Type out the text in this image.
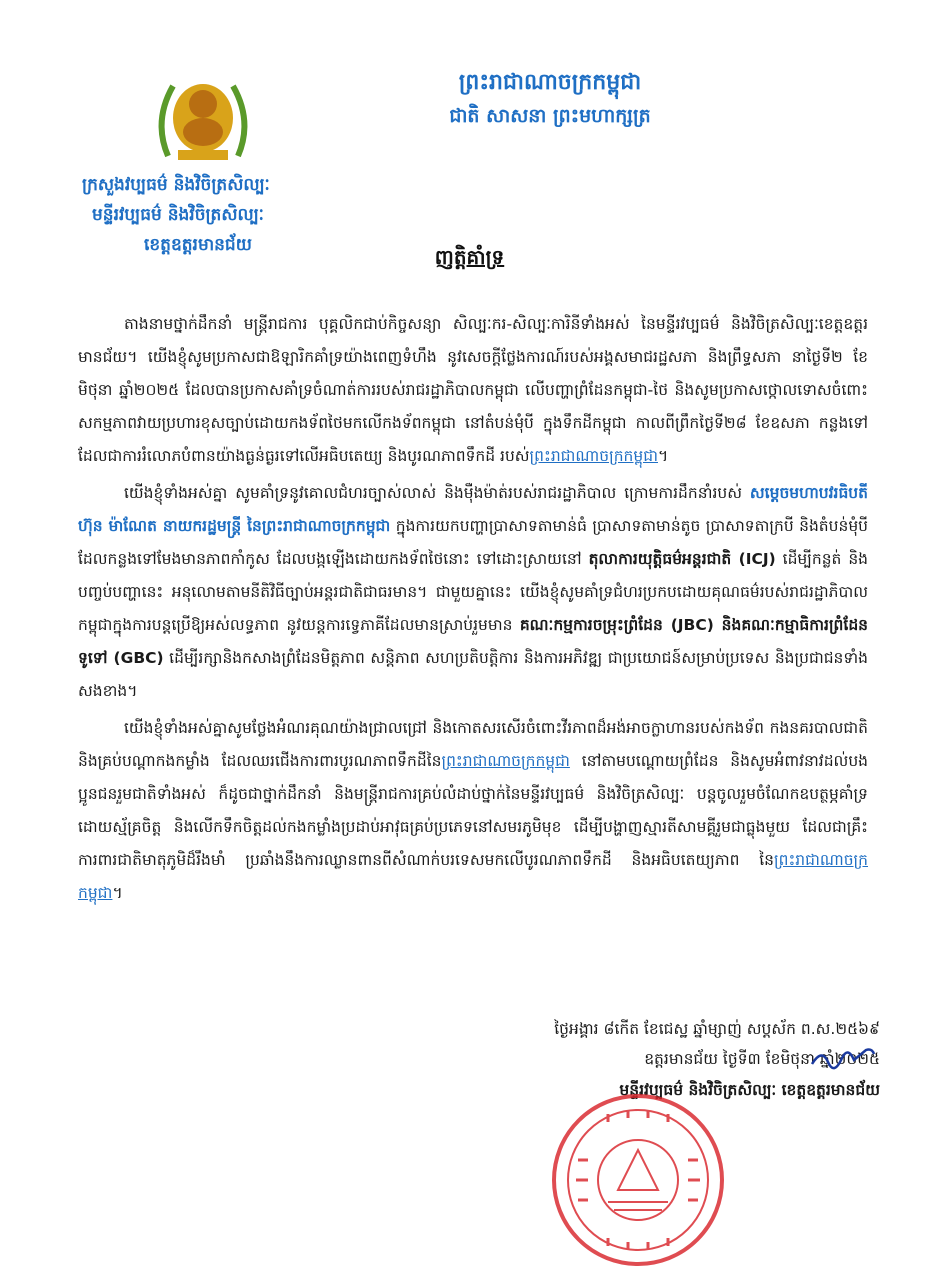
ព្រះរាជាណាចក្រកម្ពុជា
ជាតិ សាសនា ព្រះមហាក្សត្រ
ក្រសួងវប្បធម៌ និងវិចិត្រសិល្បៈ
មន្ទីរវប្បធម៌ និងវិចិត្រសិល្បៈ
ខេត្តឧត្តរមានជ័យ	ញត្តិគាំទ្រ

តាងនាមថ្នាក់ដឹកនាំ មន្ត្រីរាជការ បុគ្គលិកជាប់កិច្ចសន្យា សិល្បៈករ-សិល្បៈការិនីទាំងអស់ នៃមន្ទីរវប្បធម៌ និងវិចិត្រសិល្បៈខេត្តឧត្តរមានជ័យ។ យើងខ្ញុំសូមប្រកាសជាឱឡារិកគាំទ្រយ៉ាងពេញទំហឹង នូវសេចក្តីថ្លែងការណ៍របស់អង្គសមាជរដ្ឋសភា និងព្រឹទ្ធសភា នាថ្ងៃទី២ ខែមិថុនា ឆ្នាំ២០២៥ ដែលបានប្រកាសគាំទ្រចំណាត់ការរបស់រាជរដ្ឋាភិបាលកម្ពុជា លើបញ្ហាព្រំដែនកម្ពុជា-ថៃ និងសូមប្រកាសថ្កោលទោសចំពោះសកម្មភាពវាយប្រហារខុសច្បាប់ដោយកងទ័ពថៃមកលើកងទ័ពកម្ពុជា នៅតំបន់មុំបី ក្នុងទឹកដីកម្ពុជា កាលពីព្រឹកថ្ងៃទី២៨ ខែឧសភា កន្លងទៅ ដែលជាការរំលោភបំពានយ៉ាងធ្ងន់ធ្ងរទៅលើអធិបតេយ្យ និងបូរណភាពទឹកដី របស់ព្រះរាជាណាចក្រកម្ពុជា។

យើងខ្ញុំទាំងអស់គ្នា សូមគាំទ្រនូវគោលជំហរច្បាស់លាស់ និងម៉ឺងម៉ាត់របស់រាជរដ្ឋាភិបាល ក្រោមការដឹកនាំរបស់ សម្តេចមហាបវរធិបតី ហ៊ុន ម៉ាណែត នាយករដ្ឋមន្ត្រី នៃព្រះរាជាណាចក្រកម្ពុជា ក្នុងការយកបញ្ហាប្រាសាទតាមាន់ធំ ប្រាសាទតាមាន់តូច ប្រាសាទតាក្របី និងតំបន់មុំបី ដែលកន្លងទៅមែងមានភាពកាំកូស ដែលបង្កឡើងដោយកងទ័ពថៃនោះ ទៅដោះស្រាយនៅ តុលាការយុត្តិធម៌អន្តរជាតិ (ICJ) ដើម្បីកន្លត់ និងបញ្ចប់បញ្ហានេះ អនុលោមតាមនីតិវិធីច្បាប់អន្តរជាតិជាធរមាន។ ជាមួយគ្នានេះ យើងខ្ញុំសូមគាំទ្រជំហរប្រកបដោយគុណធម៌របស់រាជរដ្ឋាភិបាលកម្ពុជាក្នុងការបន្តប្រើឱ្យអស់លទ្ធភាព នូវយន្តការទ្វេភាគីដែលមានស្រាប់រួមមាន គណៈកម្មការចម្រុះព្រំដែន (JBC) និងគណៈកម្មាធិការព្រំដែនទូទៅ (GBC) ដើម្បីរក្សានិងកសាងព្រំដែនមិត្តភាព សន្តិភាព សហប្រតិបត្តិការ និងការអភិវឌ្ឍ ជាប្រយោជន៍សម្រាប់ប្រទេស និងប្រជាជនទាំងសងខាង។

យើងខ្ញុំទាំងអស់គ្នាសូមថ្លែងអំណរគុណយ៉ាងជ្រាលជ្រៅ និងកោតសរសើរចំពោះវីរភាពដ៏អង់អាចក្លាហានរបស់កងទ័ព កងនគរបាលជាតិ និងគ្រប់បណ្តាកងកម្លាំង ដែលឈរជើងការពារបូរណភាពទឹកដីនៃព្រះរាជាណាចក្រកម្ពុជា នៅតាមបណ្តោយព្រំដែន និងសូមអំពាវនាវដល់បងប្អូនជនរួមជាតិទាំងអស់ ក៏ដូចជាថ្នាក់ដឹកនាំ និងមន្ត្រីរាជការគ្រប់លំដាប់ថ្នាក់នៃមន្ទីរវប្បធម៌ និងវិចិត្រសិល្បៈ បន្តចូលរួមចំណែកឧបត្ថម្ភគាំទ្រដោយស្ម័គ្រចិត្ត និងលើកទឹកចិត្តដល់កងកម្លាំងប្រដាប់អាវុធគ្រប់ប្រភេទនៅសមរភូមិមុខ ដើម្បីបង្ហាញស្មារតីសាមគ្គីរួមជាធ្លុងមួយ ដែលជាគ្រឹះការពារជាតិមាតុភូមិដ៏រឹងមាំ ប្រឆាំងនឹងការឈ្លានពានពីសំណាក់បរទេសមកលើបូរណភាពទឹកដី និងអធិបតេយ្យភាព នៃព្រះរាជាណាចក្រកម្ពុជា។

ថ្ងៃអង្គារ ៨កើត ខែជេស្ឋ ឆ្នាំម្សាញ់ សប្តស័ក ព.ស.២៥៦៩
ឧត្តរមានជ័យ ថ្ងៃទី៣ ខែមិថុនា ឆ្នាំ២០២៥
មន្ទីរវប្បធម៌ និងវិចិត្រសិល្បៈ ខេត្តឧត្តរមានជ័យ
